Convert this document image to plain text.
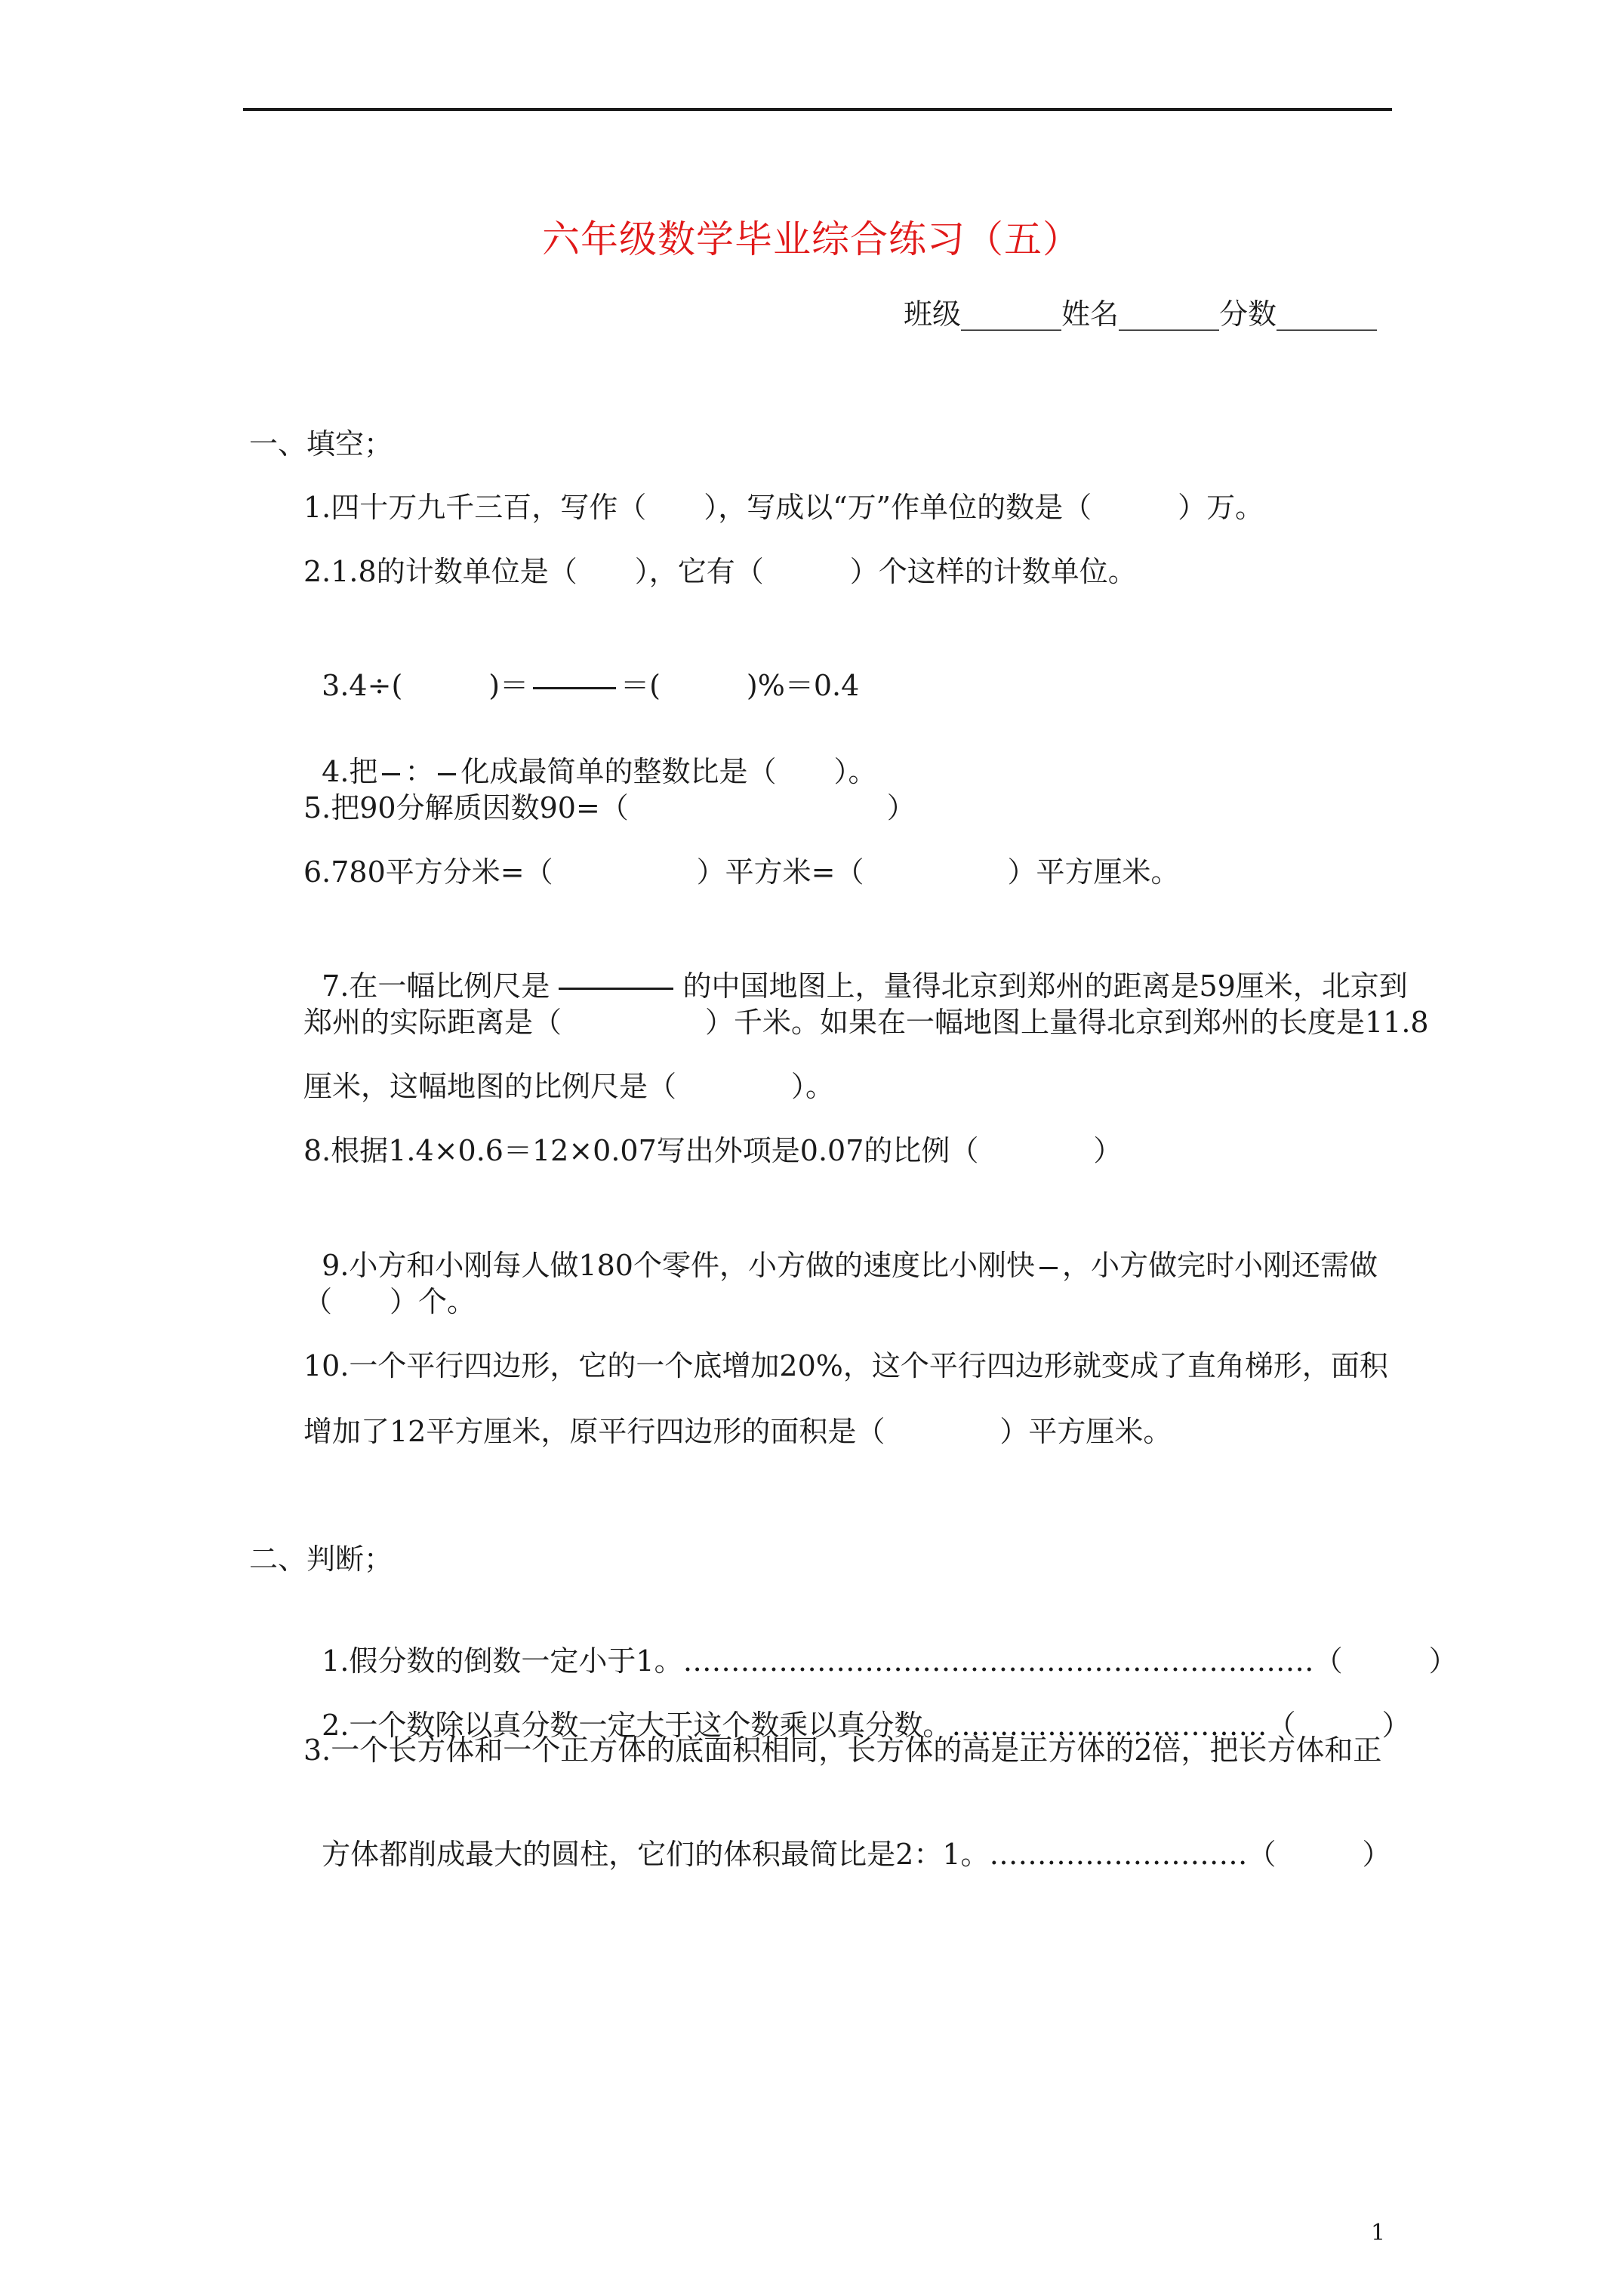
六年级数学毕业综合练习（五）
班级_______姓名_______分数_______
一、填空；
1.四十万九千三百，写作（　　），写成以“万”作单位的数是（　　　）万。
2.1.8的计数单位是（　　），它有（　　　）个这样的计数单位。

3.4÷(　　　)＝	＝(　　　)%＝0.4

4.把 ： 化成最简单的整数比是（　　）。

5.把90分解质因数90=（　　　　　　　　　）
6.780平方分米=（　　　　　）平方米=（　　　　　）平方厘米。

7.在一幅比例尺是	的中国地图上，量得北京到郑州的距离是59厘米，北京到

郑州的实际距离是（　　　　　）千米。如果在一幅地图上量得北京到郑州的长度是11.8
厘米，这幅地图的比例尺是（　　　　）。
8.根据1.4×0.6＝12×0.07写出外项是0.07的比例（　　　　）

9.小方和小刚每人做180个零件，小方做的速度比小刚快 ，小方做完时小刚还需做

（　　）个。
10.一个平行四边形，它的一个底增加20%，这个平行四边形就变成了直角梯形，面积
增加了12平方厘米，原平行四边形的面积是（　　　　）平方厘米。
二、判断；

1.假分数的倒数一定小于1。…………………………………………………………（　　　）

2.一个数除以真分数一定大于这个数乘以真分数。……………………………（　　　）

3.一个长方体和一个正方体的底面积相同，长方体的高是正方体的2倍，把长方体和正

方体都削成最大的圆柱，它们的体积最简比是2：1。………………………（　　　）

1
